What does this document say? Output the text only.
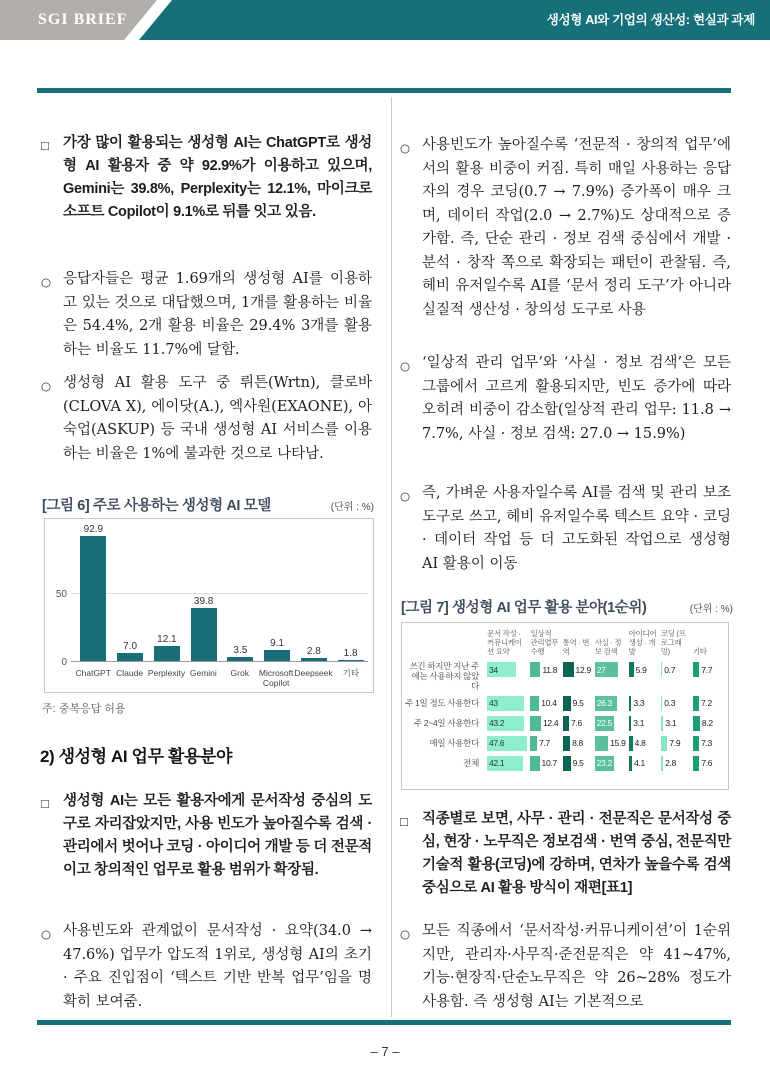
SGI BRIEF	생성형 AI와 기업의 생산성: 현실과 과제
□ 가장 많이 활용되는 생성형 AI는 ChatGPT로 생성형 AI 활용자 중 약 92.9%가 이용하고 있으며, Gemini는 39.8%, Perplexity는 12.1%, 마이크로소프트 Copilot이 9.1%로 뒤를 잇고 있음.
○ 응답자들은 평균 1.69개의 생성형 AI를 이용하고 있는 것으로 대답했으며, 1개를 활용하는 비율은 54.4%, 2개 활용 비율은 29.4% 3개를 활용하는 비율도 11.7%에 달함.
○ 생성형 AI 활용 도구 중 뤼튼(Wrtn), 클로바(CLOVA X), 에이닷(A.), 엑사원(EXAONE), 아숙업(ASKUP) 등 국내 생성형 AI 서비스를 이용하는 비율은 1%에 불과한 것으로 나타남.
[그림 6] 주로 사용하는 생성형 AI 모델	(단위 : %)
92.9
7.0
12.1
39.8
3.5
9.1
2.8 1.8
ChatGPT Claude Perplexity Gemini	Grok	Microsoft Copilot
Deepseek	기타
0
50
주: 중복응답 허용
2) 생성형 AI 업무 활용분야
□ 생성형 AI는 모든 활용자에게 문서작성 중심의 도구로 자리잡았지만, 사용 빈도가 높아질수록 검색 · 관리에서 벗어나 코딩 · 아이디어 개발 등 더 전문적이고 창의적인 업무로 활용 범위가 확장됨.
○ 사용빈도와 관계없이 문서작성 · 요약(34.0 → 47.6%) 업무가 압도적 1위로, 생성형 AI의 초기 · 주요 진입점이 ‘텍스트 기반 반복 업무’임을 명확히 보여줌.
○ 사용빈도가 높아질수록 ‘전문적 · 창의적 업무’에서의 활용 비중이 커짐. 특히 매일 사용하는 응답자의 경우 코딩(0.7 → 7.9%) 증가폭이 매우 크며, 데이터 작업(2.0 → 2.7%)도 상대적으로 증가함. 즉, 단순 관리 · 정보 검색 중심에서 개발 · 분석 · 창작 쪽으로 확장되는 패턴이 관찰됨. 즉, 헤비 유저일수록 AI를 ‘문서 정리 도구’가 아니라 실질적 생산성 · 창의성 도구로 사용
○ ‘일상적 관리 업무’와 ‘사실 · 정보 검색’은 모든 그룹에서 고르게 활용되지만, 빈도 증가에 따라 오히려 비중이 감소함(일상적 관리 업무: 11.8 → 7.7%, 사실 · 정보 검색: 27.0 → 15.9%)
○ 즉, 가벼운 사용자일수록 AI를 검색 및 관리 보조도구로 쓰고, 헤비 유저일수록 텍스트 요약 · 코딩 · 데이터 작업 등 더 고도화된 작업으로 생성형 AI 활용이 이동
[그림 7] 생성형 AI 업무 활용 분야(1순위)	(단위 : %)
문서 작성 · 커뮤니케이션 요약
일상적 관리업무 수행
통역 · 번역
사실 · 정보 검색
아이디어 생성 · 개발
코딩 (프로그래밍)	기타
쓰긴 하지만 지난 주에는 사용하지 않았다
34	11.8 12.9 27	5.9 0.7	7.7
주 1일 정도 사용한다	43	10.4 9.5 26.3	3.3 0.3	7.2
주 2~4일 사용한다	43.2	12.4 7.6 22.5 3.1 3.1	8.2
매일 사용한다	47.6	7.7	8.8	15.9 4.8	7.9 7.3
전체	42.1	10.7 9.5 23.2	4.1 2.8	7.6
□ 직종별로 보면, 사무 · 관리 · 전문직은 문서작성 중심, 현장 · 노무직은 정보검색 · 번역 중심, 전문직만 기술적 활용(코딩)에 강하며, 연차가 높을수록 검색 중심으로 AI 활용 방식이 재편[표1]
○ 모든 직종에서 ‘문서작성·커뮤니케이션’이 1순위지만, 관리자·사무직·준전문직은 약 41~47%, 기능·현장직·단순노무직은 약 26~28% 정도가 사용함. 즉 생성형 AI는 기본적으로
– 7 –
